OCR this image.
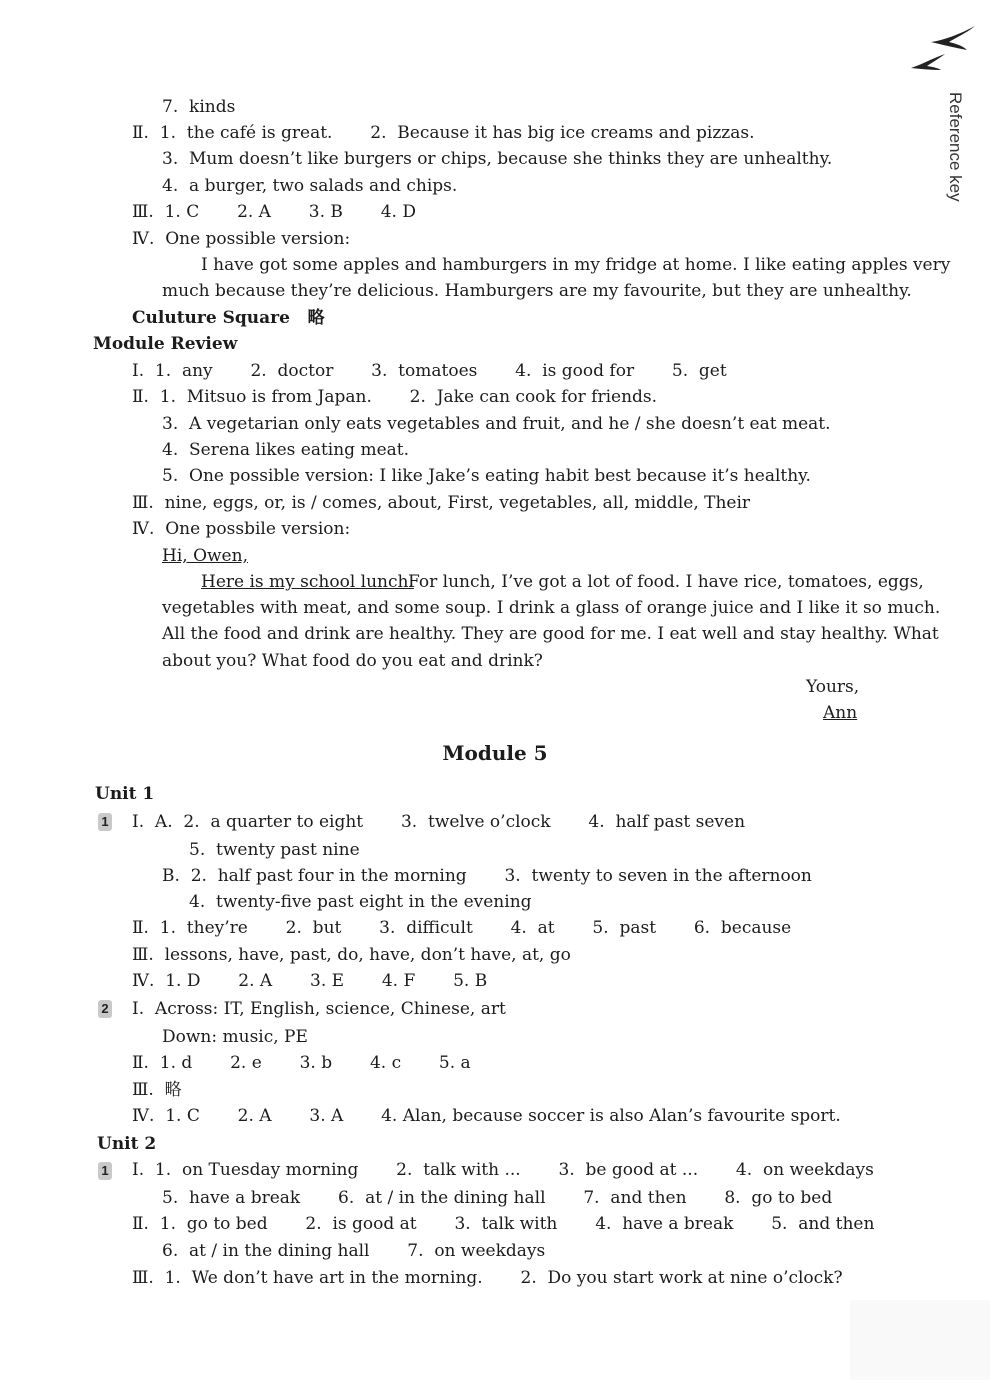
Reference key
7.  kinds
Ⅱ.  1.  the café is great.       2.  Because it has big ice creams and pizzas.
3.  Mum doesn’t like burgers or chips, because she thinks they are unhealthy.
4.  a burger, two salads and chips.
Ⅲ.  1. C       2. A       3. B       4. D
Ⅳ.  One possible version:
I have got some apples and hamburgers in my fridge at home. I like eating apples very
much because they’re delicious. Hamburgers are my favourite, but they are unhealthy.
Culuture Square   略
Module Review
Ⅰ.  1.  any       2.  doctor       3.  tomatoes       4.  is good for       5.  get
Ⅱ.  1.  Mitsuo is from Japan.       2.  Jake can cook for friends.
3.  A vegetarian only eats vegetables and fruit, and he / she doesn’t eat meat.
4.  Serena likes eating meat.
5.  One possible version: I like Jake’s eating habit best because it’s healthy.
Ⅲ.  nine, eggs, or, is / comes, about, First, vegetables, all, middle, Their
Ⅳ.  One possbile version:
Hi, Owen,
Here is my school lunch.
For lunch, I’ve got a lot of food. I have rice, tomatoes, eggs,
vegetables with meat, and some soup. I drink a glass of orange juice and I like it so much.
All the food and drink are healthy. They are good for me. I eat well and stay healthy. What
about you? What food do you eat and drink?
Yours,
Ann
Ⅰ.  A.  2.  a quarter to eight       3.  twelve o’clock       4.  half past seven
5.  twenty past nine
B.  2.  half past four in the morning       3.  twenty to seven in the afternoon
4.  twenty-five past eight in the evening
Ⅱ.  1.  they’re       2.  but       3.  difficult       4.  at       5.  past       6.  because
Ⅲ.  lessons, have, past, do, have, don’t have, at, go
Ⅳ.  1. D       2. A       3. E       4. F       5. B
Ⅰ.  Across: IT, English, science, Chinese, art
Down: music, PE
Ⅱ.  1. d       2. e       3. b       4. c       5. a
Ⅲ.  略
Ⅳ.  1. C       2. A       3. A       4. Alan, because soccer is also Alan’s favourite sport.
Ⅰ.  1.  on Tuesday morning       2.  talk with ...       3.  be good at ...       4.  on weekdays
5.  have a break       6.  at / in the dining hall       7.  and then       8.  go to bed
Ⅱ.  1.  go to bed       2.  is good at       3.  talk with       4.  have a break       5.  and then
6.  at / in the dining hall       7.  on weekdays
Ⅲ.  1.  We don’t have art in the morning.       2.  Do you start work at nine o’clock?
Module 5
Unit 1
Unit 2
1
2
1
